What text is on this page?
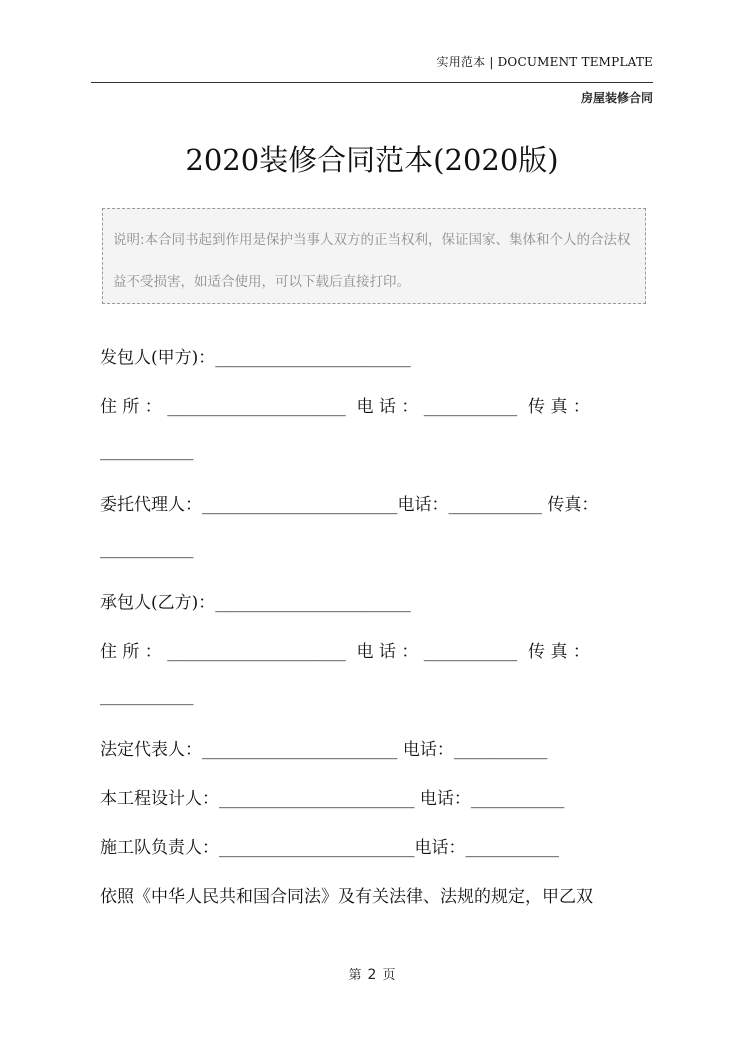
实用范本 | DOCUMENT TEMPLATE
房屋装修合同
2020装修合同范本(2020版)
说明:本合同书起到作用是保护当事人双方的正当权利，保证国家、集体和个人的合法权益不受损害，如适合使用，可以下载后直接打印。
发包人(甲方)：_______________________
住 所 ： _____________________  电 话 ： ___________  传 真 ：
___________
委托代理人：_______________________电话：___________ 传真：
___________
承包人(乙方)：_______________________
住 所 ： _____________________  电 话 ： ___________  传 真 ：
___________
法定代表人：_______________________ 电话：___________
本工程设计人：_______________________ 电话：___________
施工队负责人：_______________________电话：___________
依照《中华人民共和国合同法》及有关法律、法规的规定，甲乙双
第 2 页
